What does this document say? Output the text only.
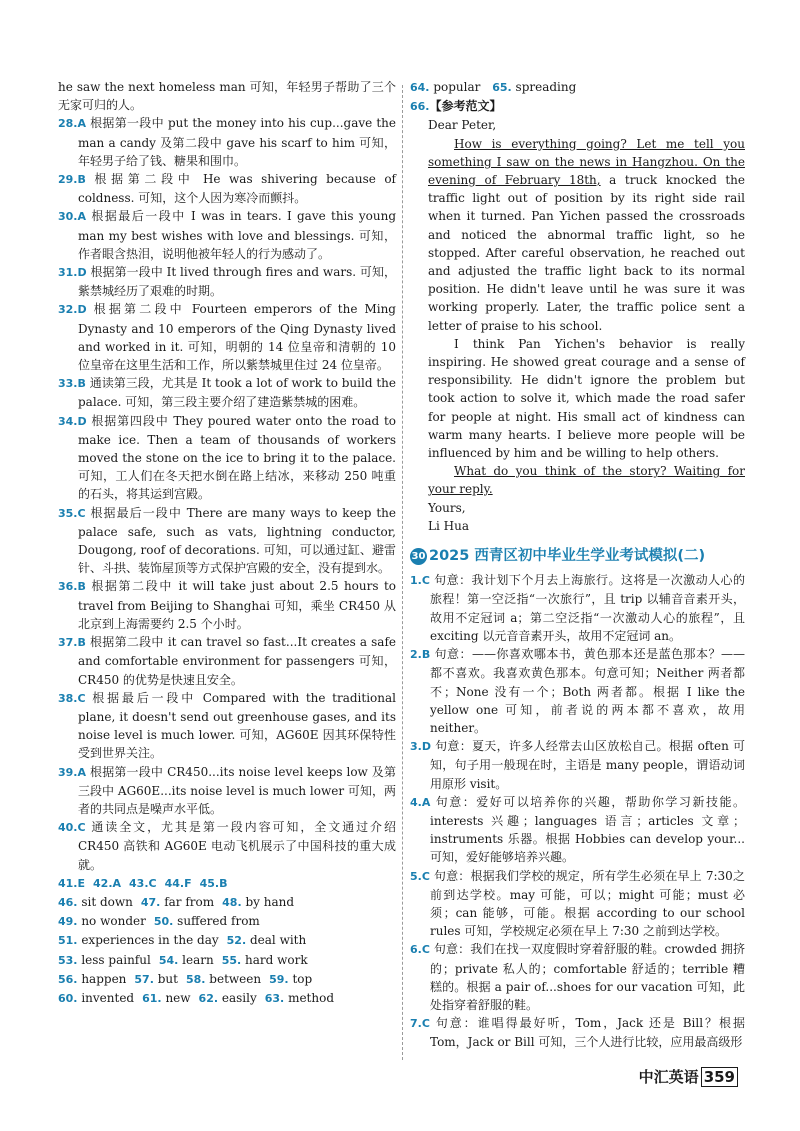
he saw the next homeless man 可知，年轻男子帮助了三个无家可归的人。

28.A 根据第一段中 put the money into his cup...gave the man a candy 及第二段中 gave his scarf to him 可知，年轻男子给了钱、糖果和围巾。

29.B 根据第二段中 He was shivering because of coldness. 可知，这个人因为寒冷而颤抖。

30.A 根据最后一段中 I was in tears. I gave this young man my best wishes with love and blessings. 可知，作者眼含热泪，说明他被年轻人的行为感动了。

31.D 根据第一段中 It lived through fires and wars. 可知，紫禁城经历了艰难的时期。

32.D 根据第二段中 Fourteen emperors of the Ming Dynasty and 10 emperors of the Qing Dynasty lived and worked in it. 可知，明朝的 14 位皇帝和清朝的 10 位皇帝在这里生活和工作，所以紫禁城里住过 24 位皇帝。

33.B 通读第三段，尤其是 It took a lot of work to build the palace. 可知，第三段主要介绍了建造紫禁城的困难。

34.D 根据第四段中 They poured water onto the road to make ice. Then a team of thousands of workers moved the stone on the ice to bring it to the palace. 可知，工人们在冬天把水倒在路上结冰，来移动 250 吨重的石头，将其运到宫殿。

35.C 根据最后一段中 There are many ways to keep the palace safe, such as vats, lightning conductor, Dougong, roof of decorations. 可知，可以通过缸、避雷针、斗拱、装饰屋顶等方式保护宫殿的安全，没有提到水。

36.B 根据第二段中 it will take just about 2.5 hours to travel from Beijing to Shanghai 可知，乘坐 CR450 从北京到上海需要约 2.5 个小时。

37.B 根据第二段中 it can travel so fast...It creates a safe and comfortable environment for passengers 可知，CR450 的优势是快速且安全。

38.C 根据最后一段中 Compared with the traditional plane, it doesn't send out greenhouse gases, and its noise level is much lower. 可知，AG60E 因其环保特性受到世界关注。

39.A 根据第一段中 CR450...its noise level keeps low 及第三段中 AG60E...its noise level is much lower 可知，两者的共同点是噪声水平低。

40.C 通读全文，尤其是第一段内容可知，全文通过介绍 CR450 高铁和 AG60E 电动飞机展示了中国科技的重大成就。

41.E 42.A 43.C 44.F 45.B
46. sit down 47. far from 48. by hand
49. no wonder 50. suffered from
51. experiences in the day 52. deal with
53. less painful 54. learn 55. hard work
56. happen 57. but 58. between 59. top
60. invented 61. new 62. easily 63. method
64. popular 65. spreading
66.【参考范文】

Dear Peter,

How is everything going? Let me tell you something I saw on the news in Hangzhou. On the evening of February 18th, a truck knocked the traffic light out of position by its right side rail when it turned. Pan Yichen passed the crossroads and noticed the abnormal traffic light, so he stopped. After careful observation, he reached out and adjusted the traffic light back to its normal position. He didn't leave until he was sure it was working properly. Later, the traffic police sent a letter of praise to his school.

I think Pan Yichen's behavior is really inspiring. He showed great courage and a sense of responsibility. He didn't ignore the problem but took action to solve it, which made the road safer for people at night. His small act of kindness can warm many hearts. I believe more people will be influenced by him and be willing to help others.

What do you think of the story? Waiting for your reply.

Yours,

Li Hua

30 2025 西青区初中毕业生学业考试模拟(二)

1.C 句意：我计划下个月去上海旅行。这将是一次激动人心的旅程！第一空泛指“一次旅行”，且 trip 以辅音音素开头，故用不定冠词 a；第二空泛指“一次激动人心的旅程”，且 exciting 以元音音素开头，故用不定冠词 an。

2.B 句意：——你喜欢哪本书，黄色那本还是蓝色那本？——都不喜欢。我喜欢黄色那本。句意可知；Neither 两者都不；None 没有一个；Both 两者都。根据 I like the yellow one 可知，前者说的两本都不喜欢，故用 neither。

3.D 句意：夏天，许多人经常去山区放松自己。根据 often 可知，句子用一般现在时，主语是 many people，谓语动词用原形 visit。

4.A 句意：爱好可以培养你的兴趣，帮助你学习新技能。interests 兴趣；languages 语言；articles 文章；instruments 乐器。根据 Hobbies can develop your... 可知，爱好能够培养兴趣。

5.C 句意：根据我们学校的规定，所有学生必须在早上 7:30之前到达学校。may 可能，可以；might 可能；must 必须；can 能够，可能。根据 according to our school rules 可知，学校规定必须在早上 7:30 之前到达学校。

6.C 句意：我们在找一双度假时穿着舒服的鞋。crowded 拥挤的；private 私人的；comfortable 舒适的；terrible 糟糕的。根据 a pair of...shoes for our vacation 可知，此处指穿着舒服的鞋。

7.C 句意：谁唱得最好听，Tom，Jack 还是 Bill？根据 Tom，Jack or Bill 可知，三个人进行比较，应用最高级形

中汇英语 359
